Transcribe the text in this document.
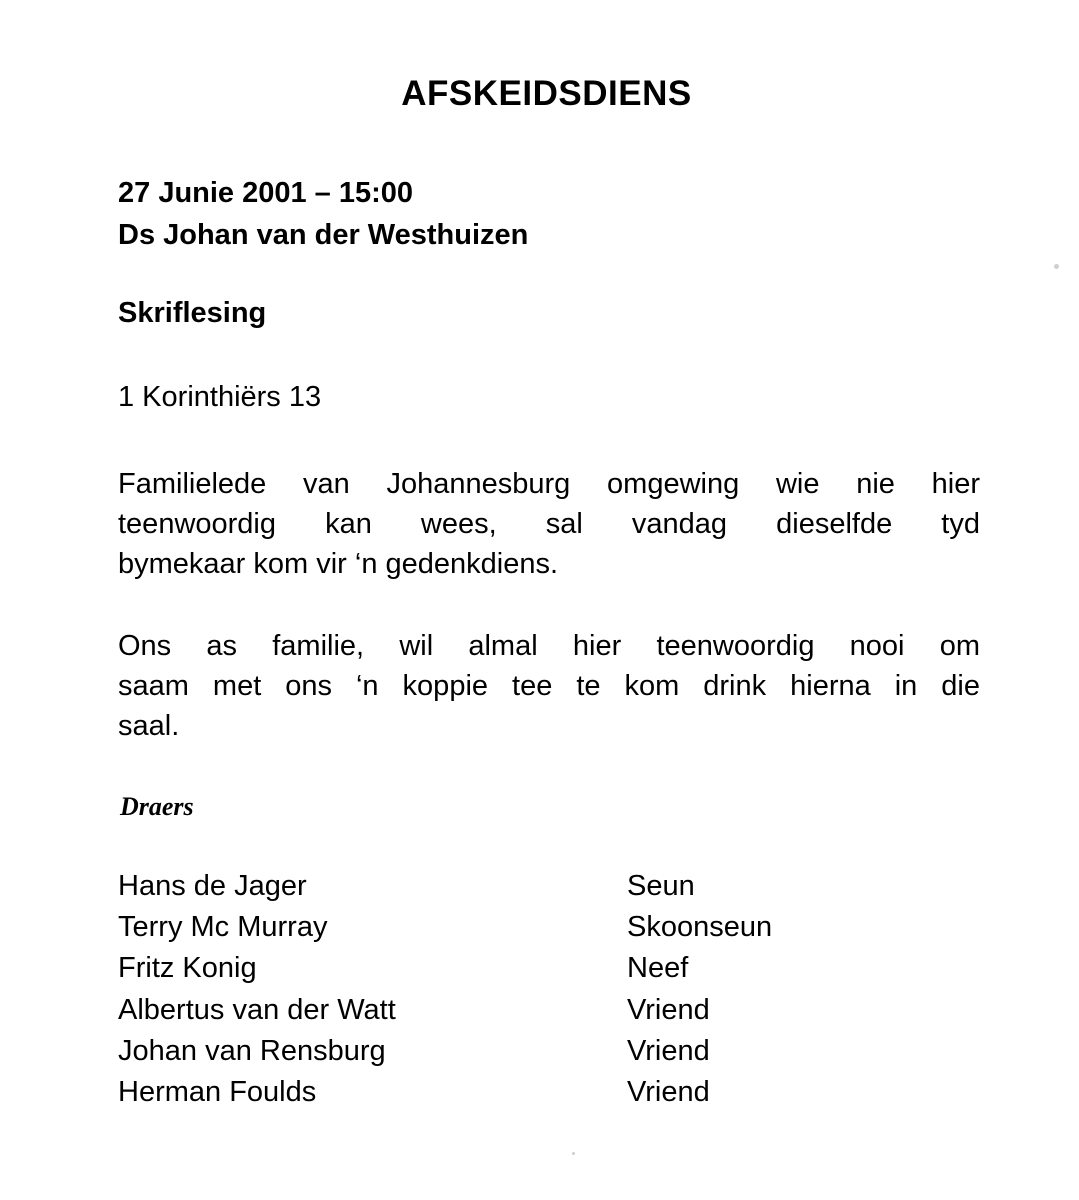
AFSKEIDSDIENS
27 Junie 2001 – 15:00
Ds Johan van der Westhuizen
Skriflesing
1 Korinthiërs 13
Familielede van Johannesburg omgewing wie nie hier
teenwoordig kan wees, sal vandag dieselfde tyd
bymekaar kom vir ‘n gedenkdiens.
Ons as familie, wil almal hier teenwoordig nooi om
saam met ons ‘n koppie tee te kom drink hierna in die
saal.
Draers
Hans de Jager	Seun
Terry Mc Murray	Skoonseun
Fritz Konig	Neef
Albertus van der Watt	Vriend
Johan van Rensburg	Vriend
Herman Foulds	Vriend
